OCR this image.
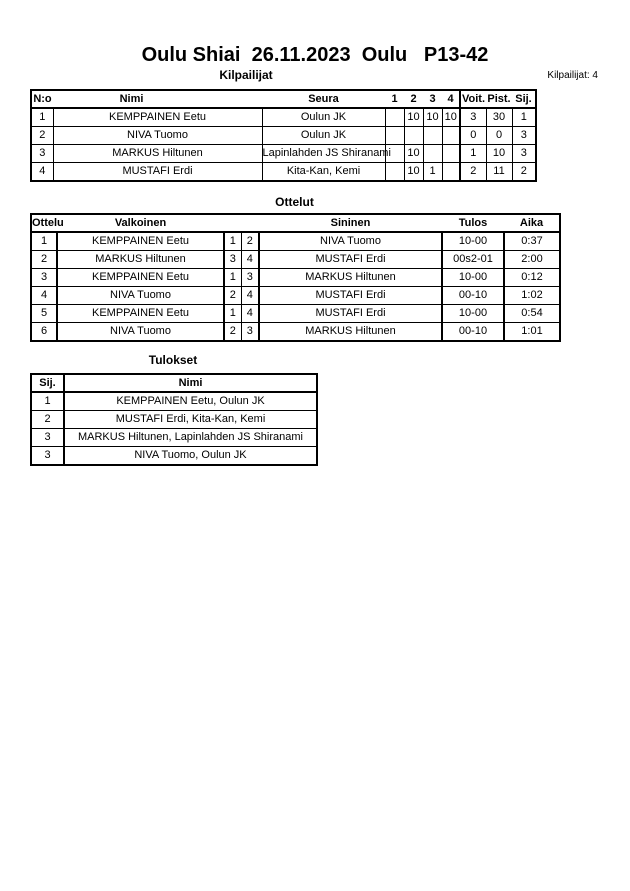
Oulu Shiai  26.11.2023  Oulu   P13-42
Kilpailijat	Kilpailijat: 4
N:o	Nimi	Seura	1	2	3	4	Voit.	Pist.	Sij.
1	KEMPPAINEN Eetu	Oulun JK		10	10	10	3	30	1
2	NIVA Tuomo	Oulun JK					0	0	3
3	MARKUS Hiltunen	Lapinlahden JS Shiranami		10			1	10	3
4	MUSTAFI Erdi	Kita-Kan, Kemi		10	1		2	11	2
Ottelut
Ottelu	Valkoinen			Sininen	Tulos	Aika
1	KEMPPAINEN Eetu	1	2	NIVA Tuomo	10-00	0:37
2	MARKUS Hiltunen	3	4	MUSTAFI Erdi	00s2-01	2:00
3	KEMPPAINEN Eetu	1	3	MARKUS Hiltunen	10-00	0:12
4	NIVA Tuomo	2	4	MUSTAFI Erdi	00-10	1:02
5	KEMPPAINEN Eetu	1	4	MUSTAFI Erdi	10-00	0:54
6	NIVA Tuomo	2	3	MARKUS Hiltunen	00-10	1:01
Tulokset
Sij.	Nimi
1	KEMPPAINEN Eetu, Oulun JK
2	MUSTAFI Erdi, Kita-Kan, Kemi
3	MARKUS Hiltunen, Lapinlahden JS Shiranami
3	NIVA Tuomo, Oulun JK
